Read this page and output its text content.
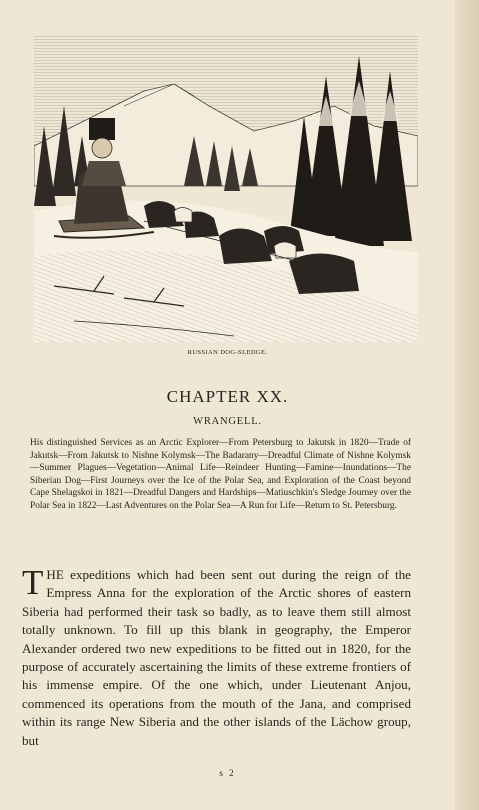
RUSSIAN DOG-SLEDGE.
CHAPTER XX.
WRANGELL.
His distinguished Services as an Arctic Explorer—From Petersburg to Jakutsk in 1820—Trade of Jakutsk—From Jakutsk to Nishne Kolymsk—The Badarany—Dreadful Climate of Nishne Kolymsk—Summer Plagues—Vegetation—Animal Life—Reindeer Hunting—Famine—Inundations—The Siberian Dog—First Journeys over the Ice of the Polar Sea, and Exploration of the Coast beyond Cape Shelagskoi in 1821—Dreadful Dangers and Hardships—Matiuschkin's Sledge Journey over the Polar Sea in 1822—Last Adventures on the Polar Sea—A Run for Life—Return to St. Petersburg.
THE expeditions which had been sent out during the reign of the Empress Anna for the exploration of the Arctic shores of eastern Siberia had performed their task so badly, as to leave them still almost totally unknown. To fill up this blank in geography, the Emperor Alexander ordered two new expeditions to be fitted out in 1820, for the purpose of accurately ascertaining the limits of these extreme frontiers of his immense empire. Of the one which, under Lieutenant Anjou, commenced its operations from the mouth of the Jana, and comprised within its range New Siberia and the other islands of the Lächow group, but
s 2
